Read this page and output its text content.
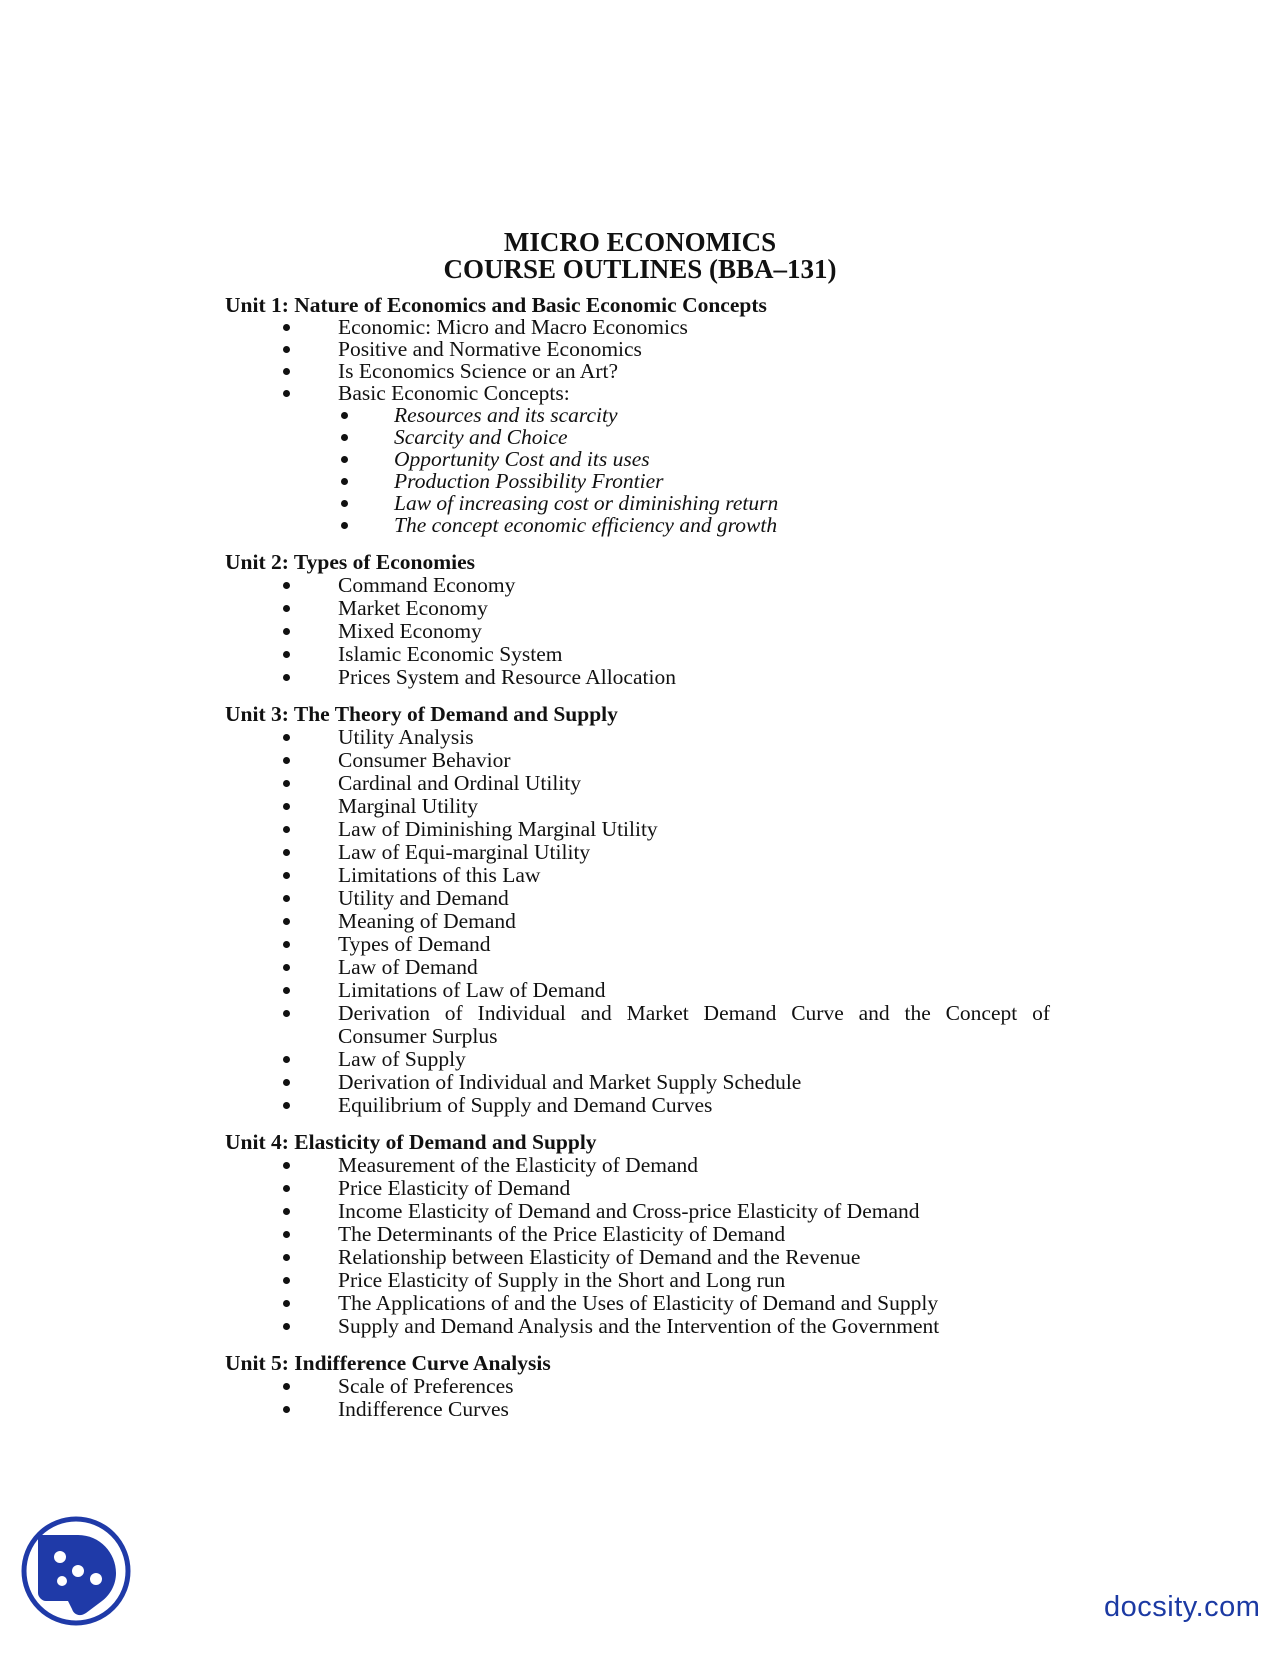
MICRO ECONOMICS
COURSE OUTLINES (BBA–131)
Unit 1: Nature of Economics and Basic Economic Concepts
Economic: Micro and Macro Economics
Positive and Normative Economics
Is Economics Science or an Art?
Basic Economic Concepts:
Resources and its scarcity
Scarcity and Choice
Opportunity Cost and its uses
Production Possibility Frontier
Law of increasing cost or diminishing return
The concept economic efficiency and growth
Unit 2: Types of Economies
Command Economy
Market Economy
Mixed Economy
Islamic Economic System
Prices System and Resource Allocation
Unit 3: The Theory of Demand and Supply
Utility Analysis
Consumer Behavior
Cardinal and Ordinal Utility
Marginal Utility
Law of Diminishing Marginal Utility
Law of Equi-marginal Utility
Limitations of this Law
Utility and Demand
Meaning of Demand
Types of Demand
Law of Demand
Limitations of Law of Demand
Derivation of Individual and Market Demand Curve and the Concept of
Consumer Surplus
Law of Supply
Derivation of Individual and Market Supply Schedule
Equilibrium of Supply and Demand Curves
Unit 4: Elasticity of Demand and Supply
Measurement of the Elasticity of Demand
Price Elasticity of Demand
Income Elasticity of Demand and Cross-price Elasticity of Demand
The Determinants of the Price Elasticity of Demand
Relationship between Elasticity of Demand and the Revenue
Price Elasticity of Supply in the Short and Long run
The Applications of and the Uses of Elasticity of Demand and Supply
Supply and Demand Analysis and the Intervention of the Government
Unit 5: Indifference Curve Analysis
Scale of Preferences
Indifference Curves
docsity.com
